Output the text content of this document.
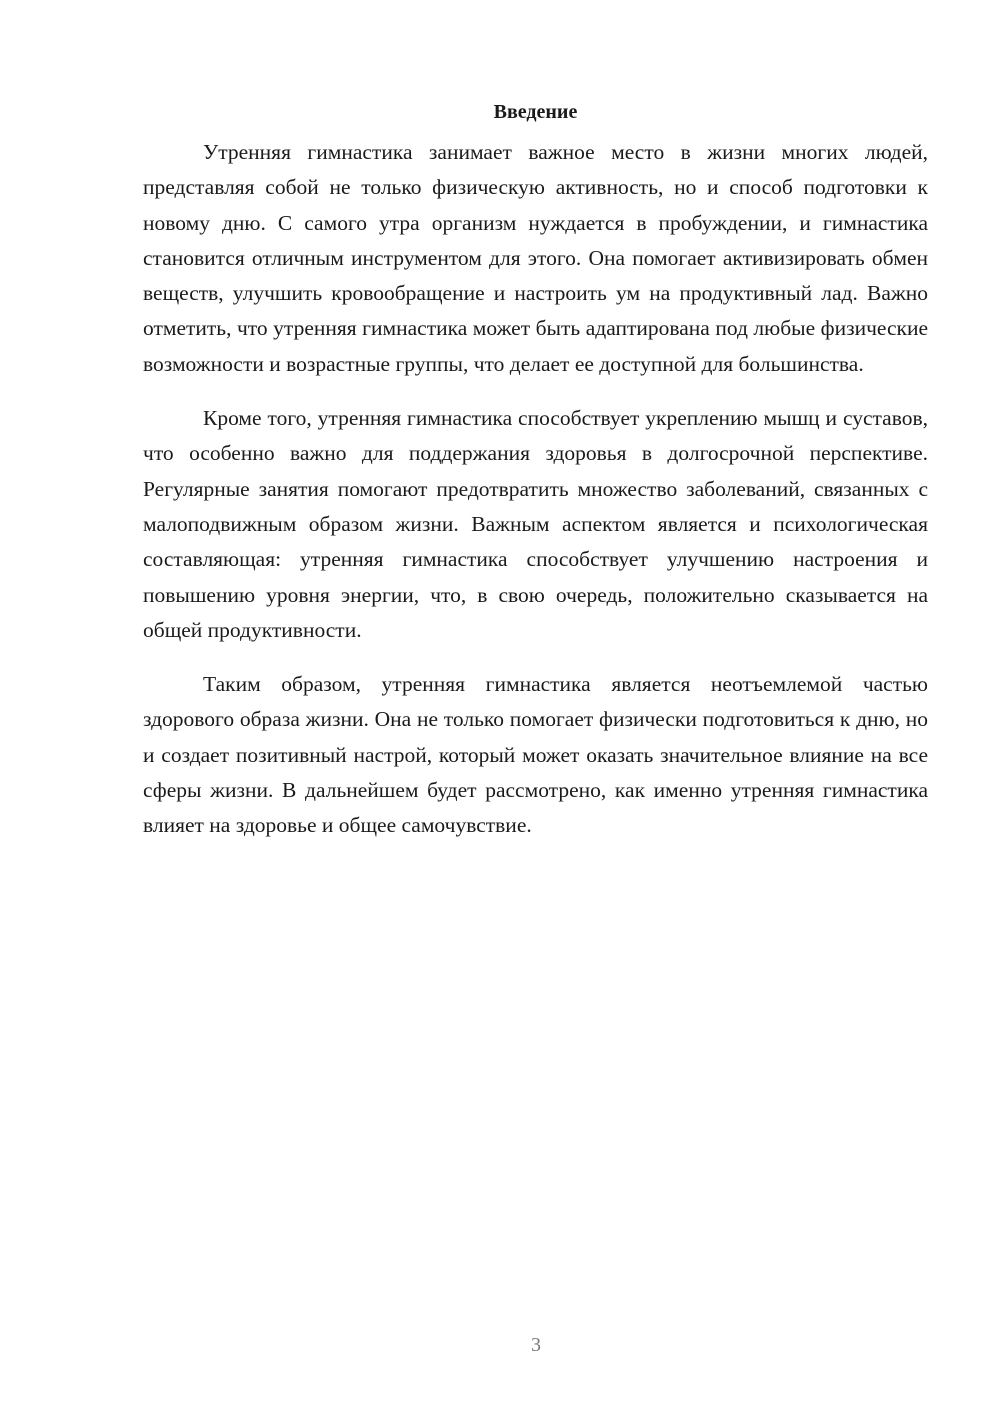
Введение

Утренняя гимнастика занимает важное место в жизни многих людей, представляя собой не только физическую активность, но и способ подготовки к новому дню. С самого утра организм нуждается в пробуждении, и гимнастика становится отличным инструментом для этого. Она помогает активизировать обмен веществ, улучшить кровообращение и настроить ум на продуктивный лад. Важно отметить, что утренняя гимнастика может быть адаптирована под любые физические возможности и возрастные группы, что делает ее доступной для большинства.

Кроме того, утренняя гимнастика способствует укреплению мышц и суставов, что особенно важно для поддержания здоровья в долгосрочной перспективе. Регулярные занятия помогают предотвратить множество заболеваний, связанных с малоподвижным образом жизни. Важным аспектом является и психологическая составляющая: утренняя гимнастика способствует улучшению настроения и повышению уровня энергии, что, в свою очередь, положительно сказывается на общей продуктивности.

Таким образом, утренняя гимнастика является неотъемлемой частью здорового образа жизни. Она не только помогает физически подготовиться к дню, но и создает позитивный настрой, который может оказать значительное влияние на все сферы жизни. В дальнейшем будет рассмотрено, как именно утренняя гимнастика влияет на здоровье и общее самочувствие.

3
